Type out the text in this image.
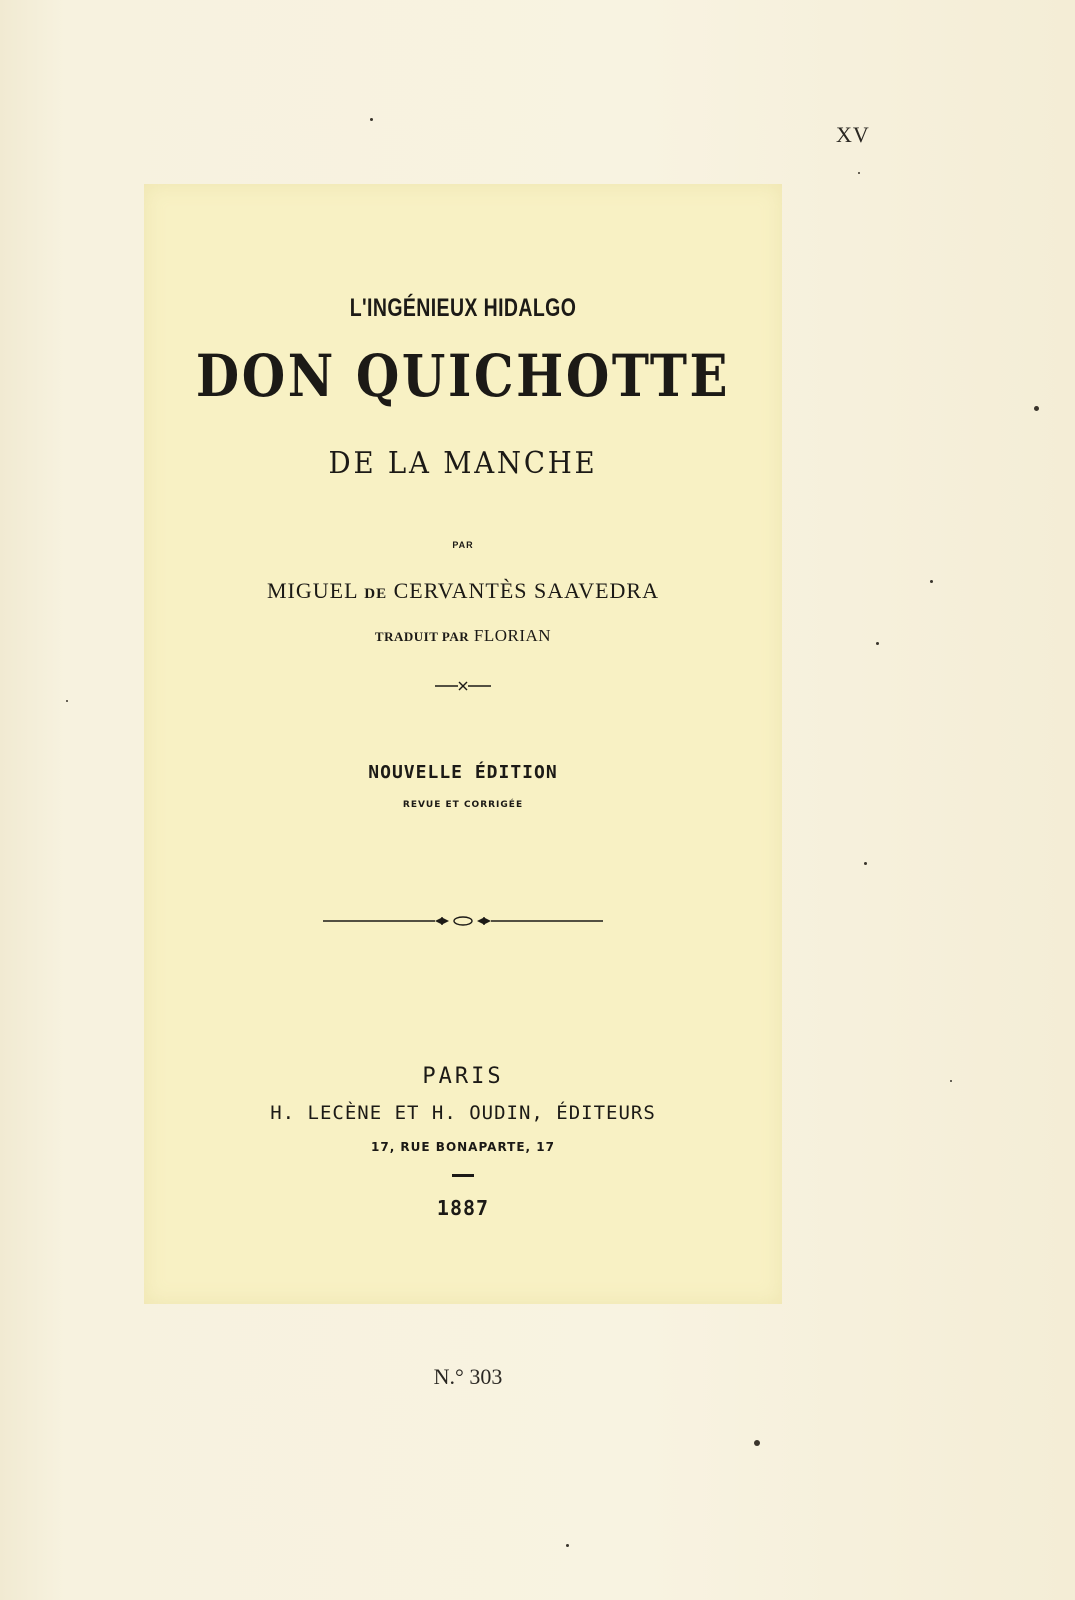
XV
L'INGÉNIEUX HIDALGO
DON QUICHOTTE
DE LA MANCHE
PAR
MIGUEL DE CERVANTÈS SAAVEDRA
TRADUIT PAR FLORIAN
NOUVELLE ÉDITION
REVUE ET CORRIGÉE
PARIS
H. LECÈNE ET H. OUDIN, ÉDITEURS
17, RUE BONAPARTE, 17
1887
N.° 303
